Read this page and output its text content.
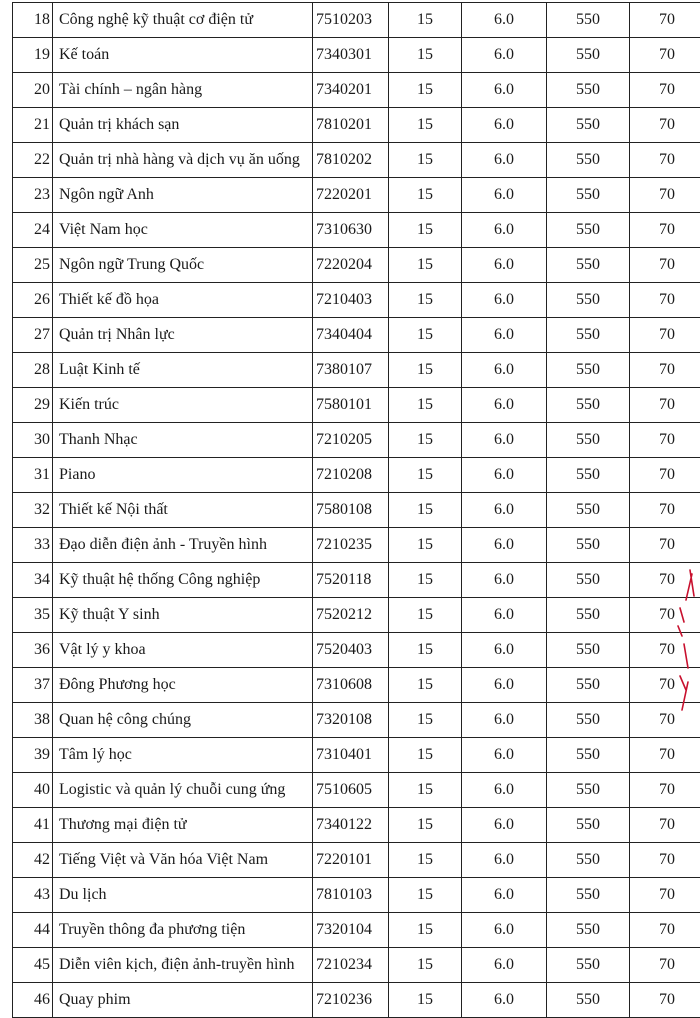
18	Công nghệ kỹ thuật cơ điện tử	7510203	15	6.0	550	70
19	Kế toán	7340301	15	6.0	550	70
20	Tài chính – ngân hàng	7340201	15	6.0	550	70
21	Quản trị khách sạn	7810201	15	6.0	550	70
22	Quản trị nhà hàng và dịch vụ ăn uống	7810202	15	6.0	550	70
23	Ngôn ngữ Anh	7220201	15	6.0	550	70
24	Việt Nam học	7310630	15	6.0	550	70
25	Ngôn ngữ Trung Quốc	7220204	15	6.0	550	70
26	Thiết kế đồ họa	7210403	15	6.0	550	70
27	Quản trị Nhân lực	7340404	15	6.0	550	70
28	Luật Kinh tế	7380107	15	6.0	550	70
29	Kiến trúc	7580101	15	6.0	550	70
30	Thanh Nhạc	7210205	15	6.0	550	70
31	Piano	7210208	15	6.0	550	70
32	Thiết kế Nội thất	7580108	15	6.0	550	70
33	Đạo diễn điện ảnh - Truyền hình	7210235	15	6.0	550	70
34	Kỹ thuật hệ thống Công nghiệp	7520118	15	6.0	550	70
35	Kỹ thuật Y sinh	7520212	15	6.0	550	70
36	Vật lý y khoa	7520403	15	6.0	550	70
37	Đông Phương học	7310608	15	6.0	550	70
38	Quan hệ công chúng	7320108	15	6.0	550	70
39	Tâm lý học	7310401	15	6.0	550	70
40	Logistic và quản lý chuỗi cung ứng	7510605	15	6.0	550	70
41	Thương mại điện tử	7340122	15	6.0	550	70
42	Tiếng Việt và Văn hóa Việt Nam	7220101	15	6.0	550	70
43	Du lịch	7810103	15	6.0	550	70
44	Truyền thông đa phương tiện	7320104	15	6.0	550	70
45	Diễn viên kịch, điện ảnh-truyền hình	7210234	15	6.0	550	70
46	Quay phim	7210236	15	6.0	550	70
